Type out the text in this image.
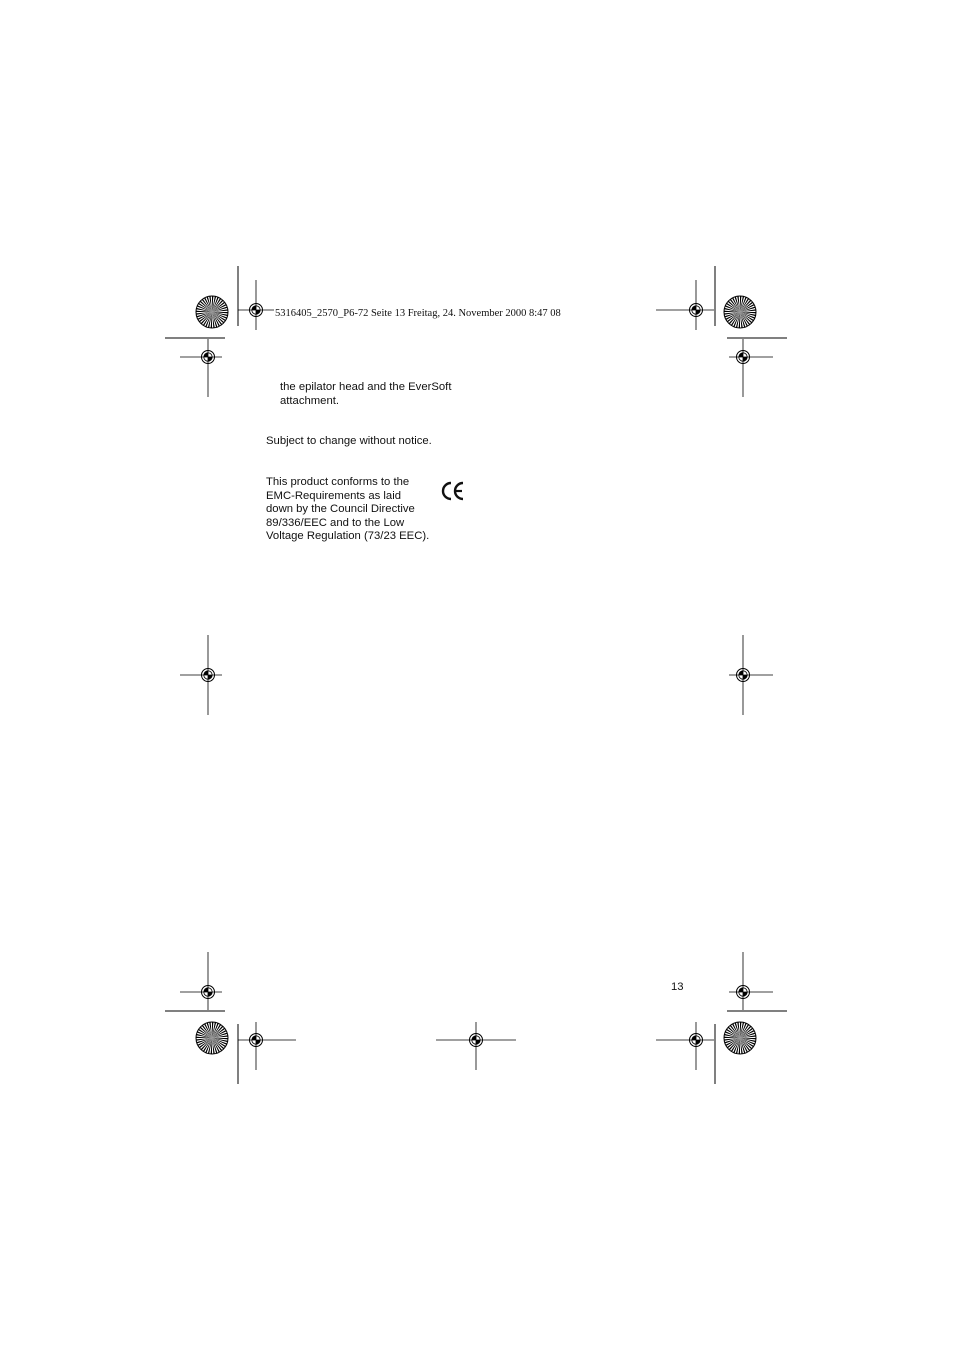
5316405_2570_P6-72 Seite 13 Freitag, 24. November 2000 8:47 08
the epilator head and the EverSoft
attachment.
Subject to change without notice.
This product conforms to the
EMC-Requirements as laid
down by the Council Directive
89/336/EEC and to the Low
Voltage Regulation (73/23 EEC).
13
